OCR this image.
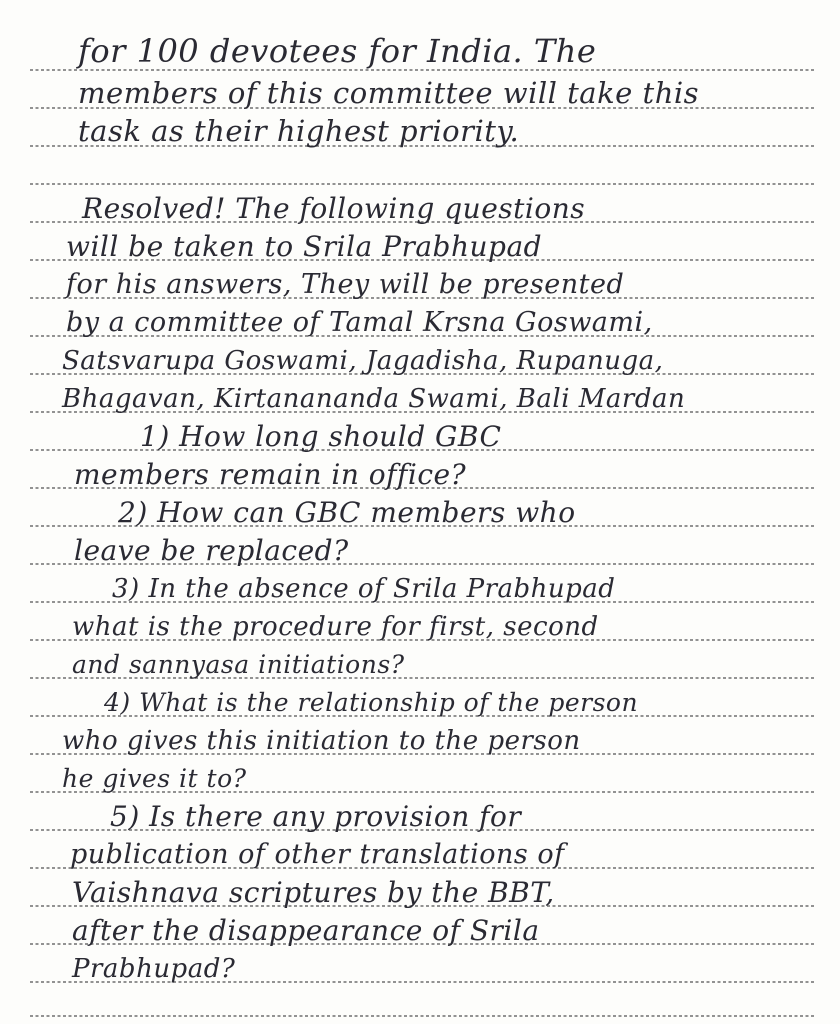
for 100 devotees for India. The
members of this committee will take this
task as their highest priority.
Resolved! The following questions
will be taken to Srila Prabhupad
for his answers, They will be presented
by a committee of Tamal Krsna Goswami,
Satsvarupa Goswami, Jagadisha, Rupanuga,
Bhagavan, Kirtanananda Swami, Bali Mardan
1) How long should GBC
members remain in office?
2) How can GBC members who
leave be replaced?
3) In the absence of Srila Prabhupad
what is the procedure for first, second
and sannyasa initiations?
4) What is the relationship of the person
who gives this initiation to the person
he gives it to?
5) Is there any provision for
publication of other translations of
Vaishnava scriptures by the BBT,
after the disappearance of Srila
Prabhupad?
